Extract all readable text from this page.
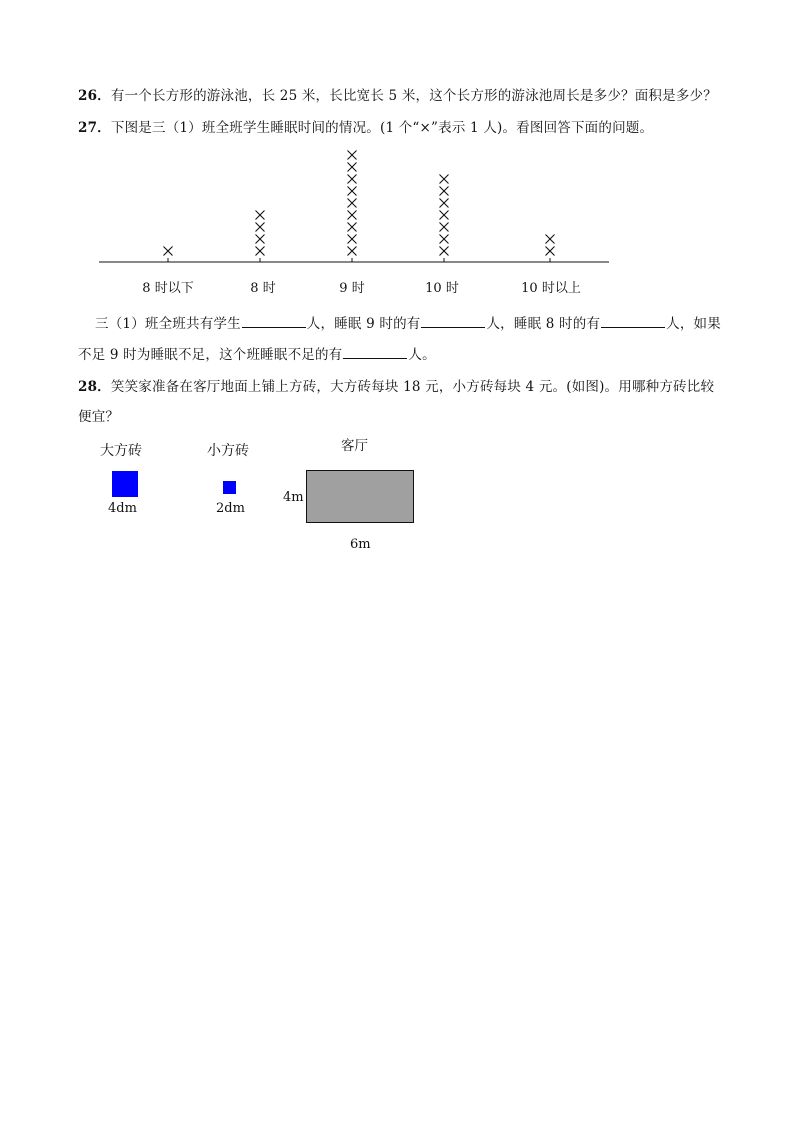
26．有一个长方形的游泳池，长 25 米，长比宽长 5 米，这个长方形的游泳池周长是多少？面积是多少？
27．下图是三（1）班全班学生睡眠时间的情况。(1 个“×”表示 1 人)。看图回答下面的问题。
8 时以下	8 时	9 时	10 时	10 时以上
三（1）班全班共有学生	人，睡眠 9 时的有	人，睡眠 8 时的有	人，如果
不足 9 时为睡眠不足，这个班睡眠不足的有	人。
28．笑笑家准备在客厅地面上铺上方砖，大方砖每块 18 元，小方砖每块 4 元。(如图)。用哪种方砖比较
便宜？
大方砖
4dm
小方砖
2dm
客厅
4m
6m
